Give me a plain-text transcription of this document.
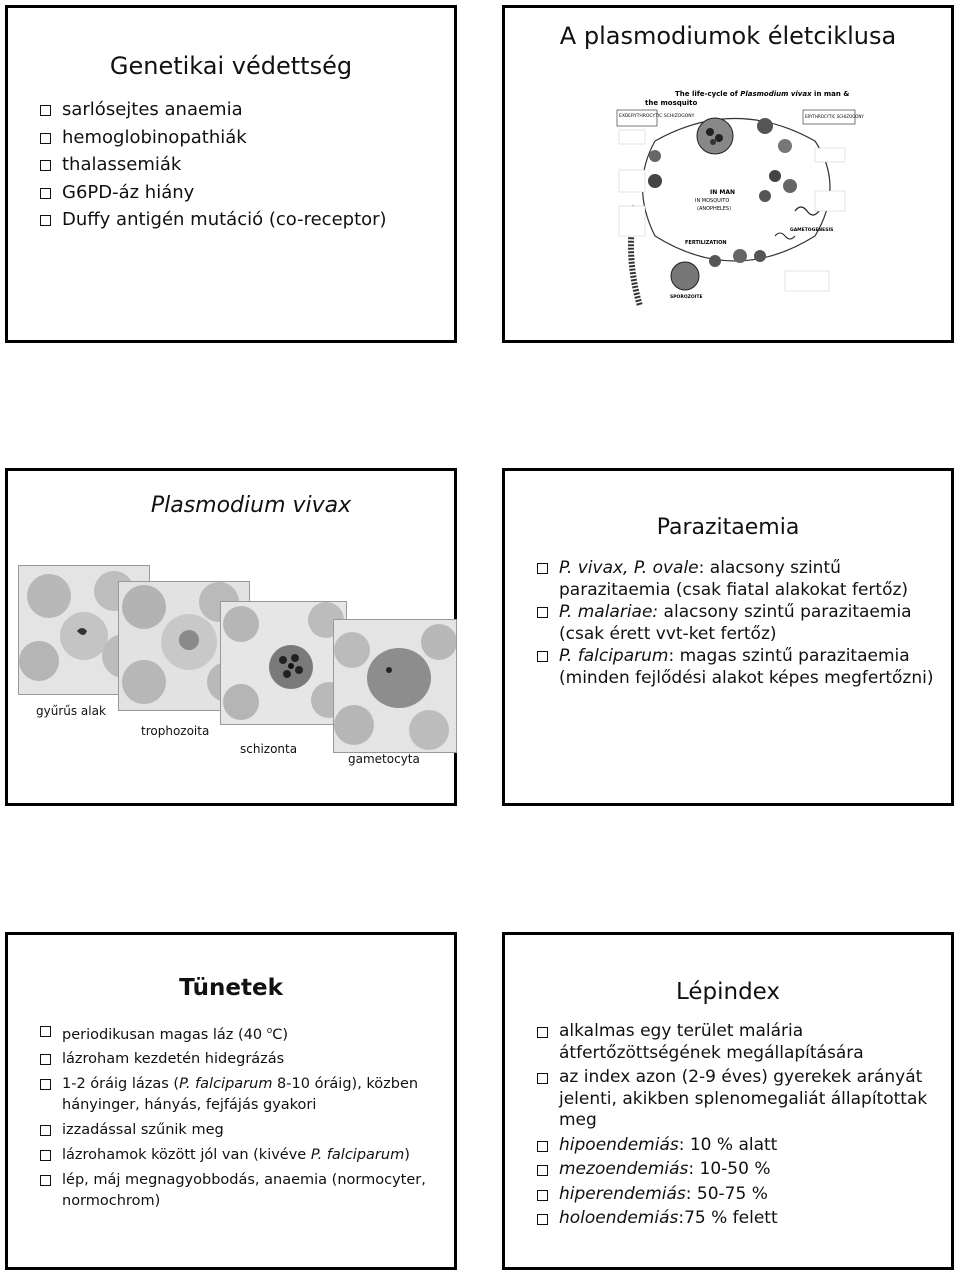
Genetikai védettség
sarlósejtes anaemia
hemoglobinopathiák
thalassemiák
G6PD-áz hiány
Duffy antigén mutáció (co-receptor)
A plasmodiumok életciklusa
The life-cycle of Plasmodium vivax in man &
the mosquito
EXOERYTHROCYTIC SCHIZOGONY	ERYTHROCYTIC SCHIZOGONY
IN MAN
IN MOSQUITO
(ANOPHELES)
FERTILIZATION
GAMETOGENESIS
SPOROZOITE
Plasmodium vivax
gyűrűs alak
trophozoita
schizonta
gametocyta
Parazitaemia
P. vivax, P. ovale: alacsony szintű parazitaemia (csak fiatal alakokat fertőz)
P. malariae: alacsony szintű parazitaemia (csak érett vvt-ket fertőz)
P. falciparum: magas szintű parazitaemia (minden fejlődési alakot képes megfertőzni)
Tünetek
periodikusan magas láz (40 $^o$C)
lázroham kezdetén hidegrázás
1-2 óráig lázas (P. falciparum 8-10 óráig), közben hányinger, hányás, fejfájás gyakori
izzadással szűnik meg
lázrohamok között jól van (kivéve P. falciparum)
lép, máj megnagyobbodás, anaemia (normocyter, normochrom)
Lépindex
alkalmas egy terület malária átfertőzöttségének megállapítására
az index azon (2-9 éves) gyerekek arányát jelenti, akikben splenomegaliát állapítottak meg
hipoendemiás: 10 % alatt
mezoendemiás: 10-50 %
hiperendemiás: 50-75 %
holoendemiás:75 % felett
